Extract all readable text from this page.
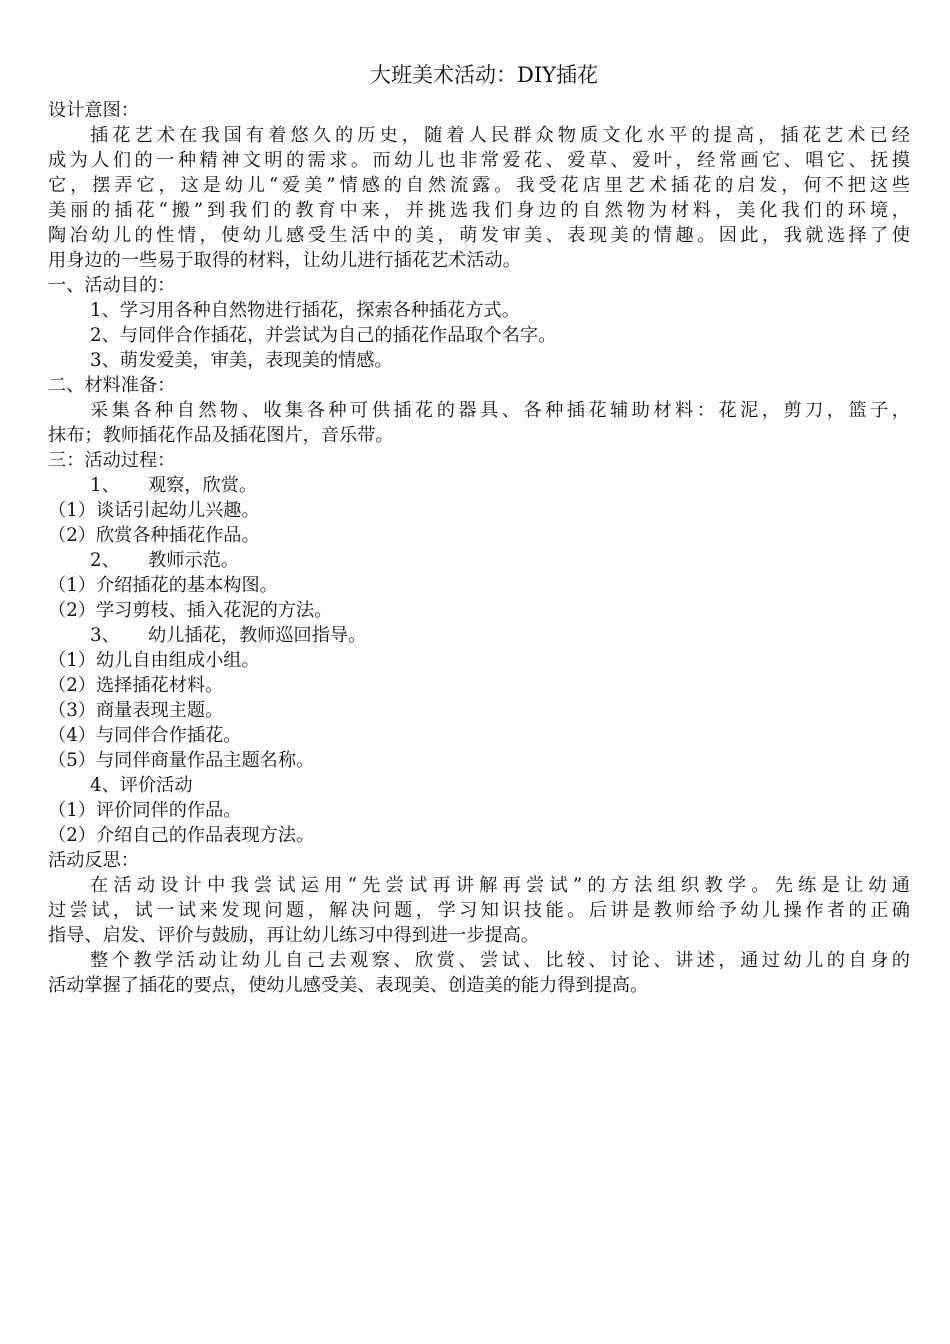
大班美术活动：DIY插花
设计意图：
插花艺术在我国有着悠久的历史，随着人民群众物质文化水平的提高，插花艺术已经
成为人们的一种精神文明的需求。而幼儿也非常爱花、爱草、爱叶，经常画它、唱它、抚摸
它，摆弄它，这是幼儿“爱美”情感的自然流露。我受花店里艺术插花的启发，何不把这些
美丽的插花“搬”到我们的教育中来，并挑选我们身边的自然物为材料，美化我们的环境，
陶冶幼儿的性情，使幼儿感受生活中的美，萌发审美、表现美的情趣。因此，我就选择了使
用身边的一些易于取得的材料，让幼儿进行插花艺术活动。
一、活动目的：
1、学习用各种自然物进行插花，探索各种插花方式。
2、与同伴合作插花，并尝试为自己的插花作品取个名字。
3、萌发爱美，审美，表现美的情感。
二、材料准备：
采集各种自然物、收集各种可供插花的器具、各种插花辅助材料：花泥，剪刀，篮子，
抹布；教师插花作品及插花图片，音乐带。
三：活动过程：
1、 观察，欣赏。
（1）谈话引起幼儿兴趣。
（2）欣赏各种插花作品。
2、 教师示范。
（1）介绍插花的基本构图。
（2）学习剪枝、插入花泥的方法。
3、 幼儿插花，教师巡回指导。
（1）幼儿自由组成小组。
（2）选择插花材料。
（3）商量表现主题。
（4）与同伴合作插花。
（5）与同伴商量作品主题名称。
4、评价活动
（1）评价同伴的作品。
（2）介绍自己的作品表现方法。
活动反思：
在活动设计中我尝试运用“先尝试再讲解再尝试”的方法组织教学。先练是让幼通
过尝试，试一试来发现问题，解决问题，学习知识技能。后讲是教师给予幼儿操作者的正确
指导、启发、评价与鼓励，再让幼儿练习中得到进一步提高。
整个教学活动让幼儿自己去观察、欣赏、尝试、比较、讨论、讲述，通过幼儿的自身的
活动掌握了插花的要点，使幼儿感受美、表现美、创造美的能力得到提高。
